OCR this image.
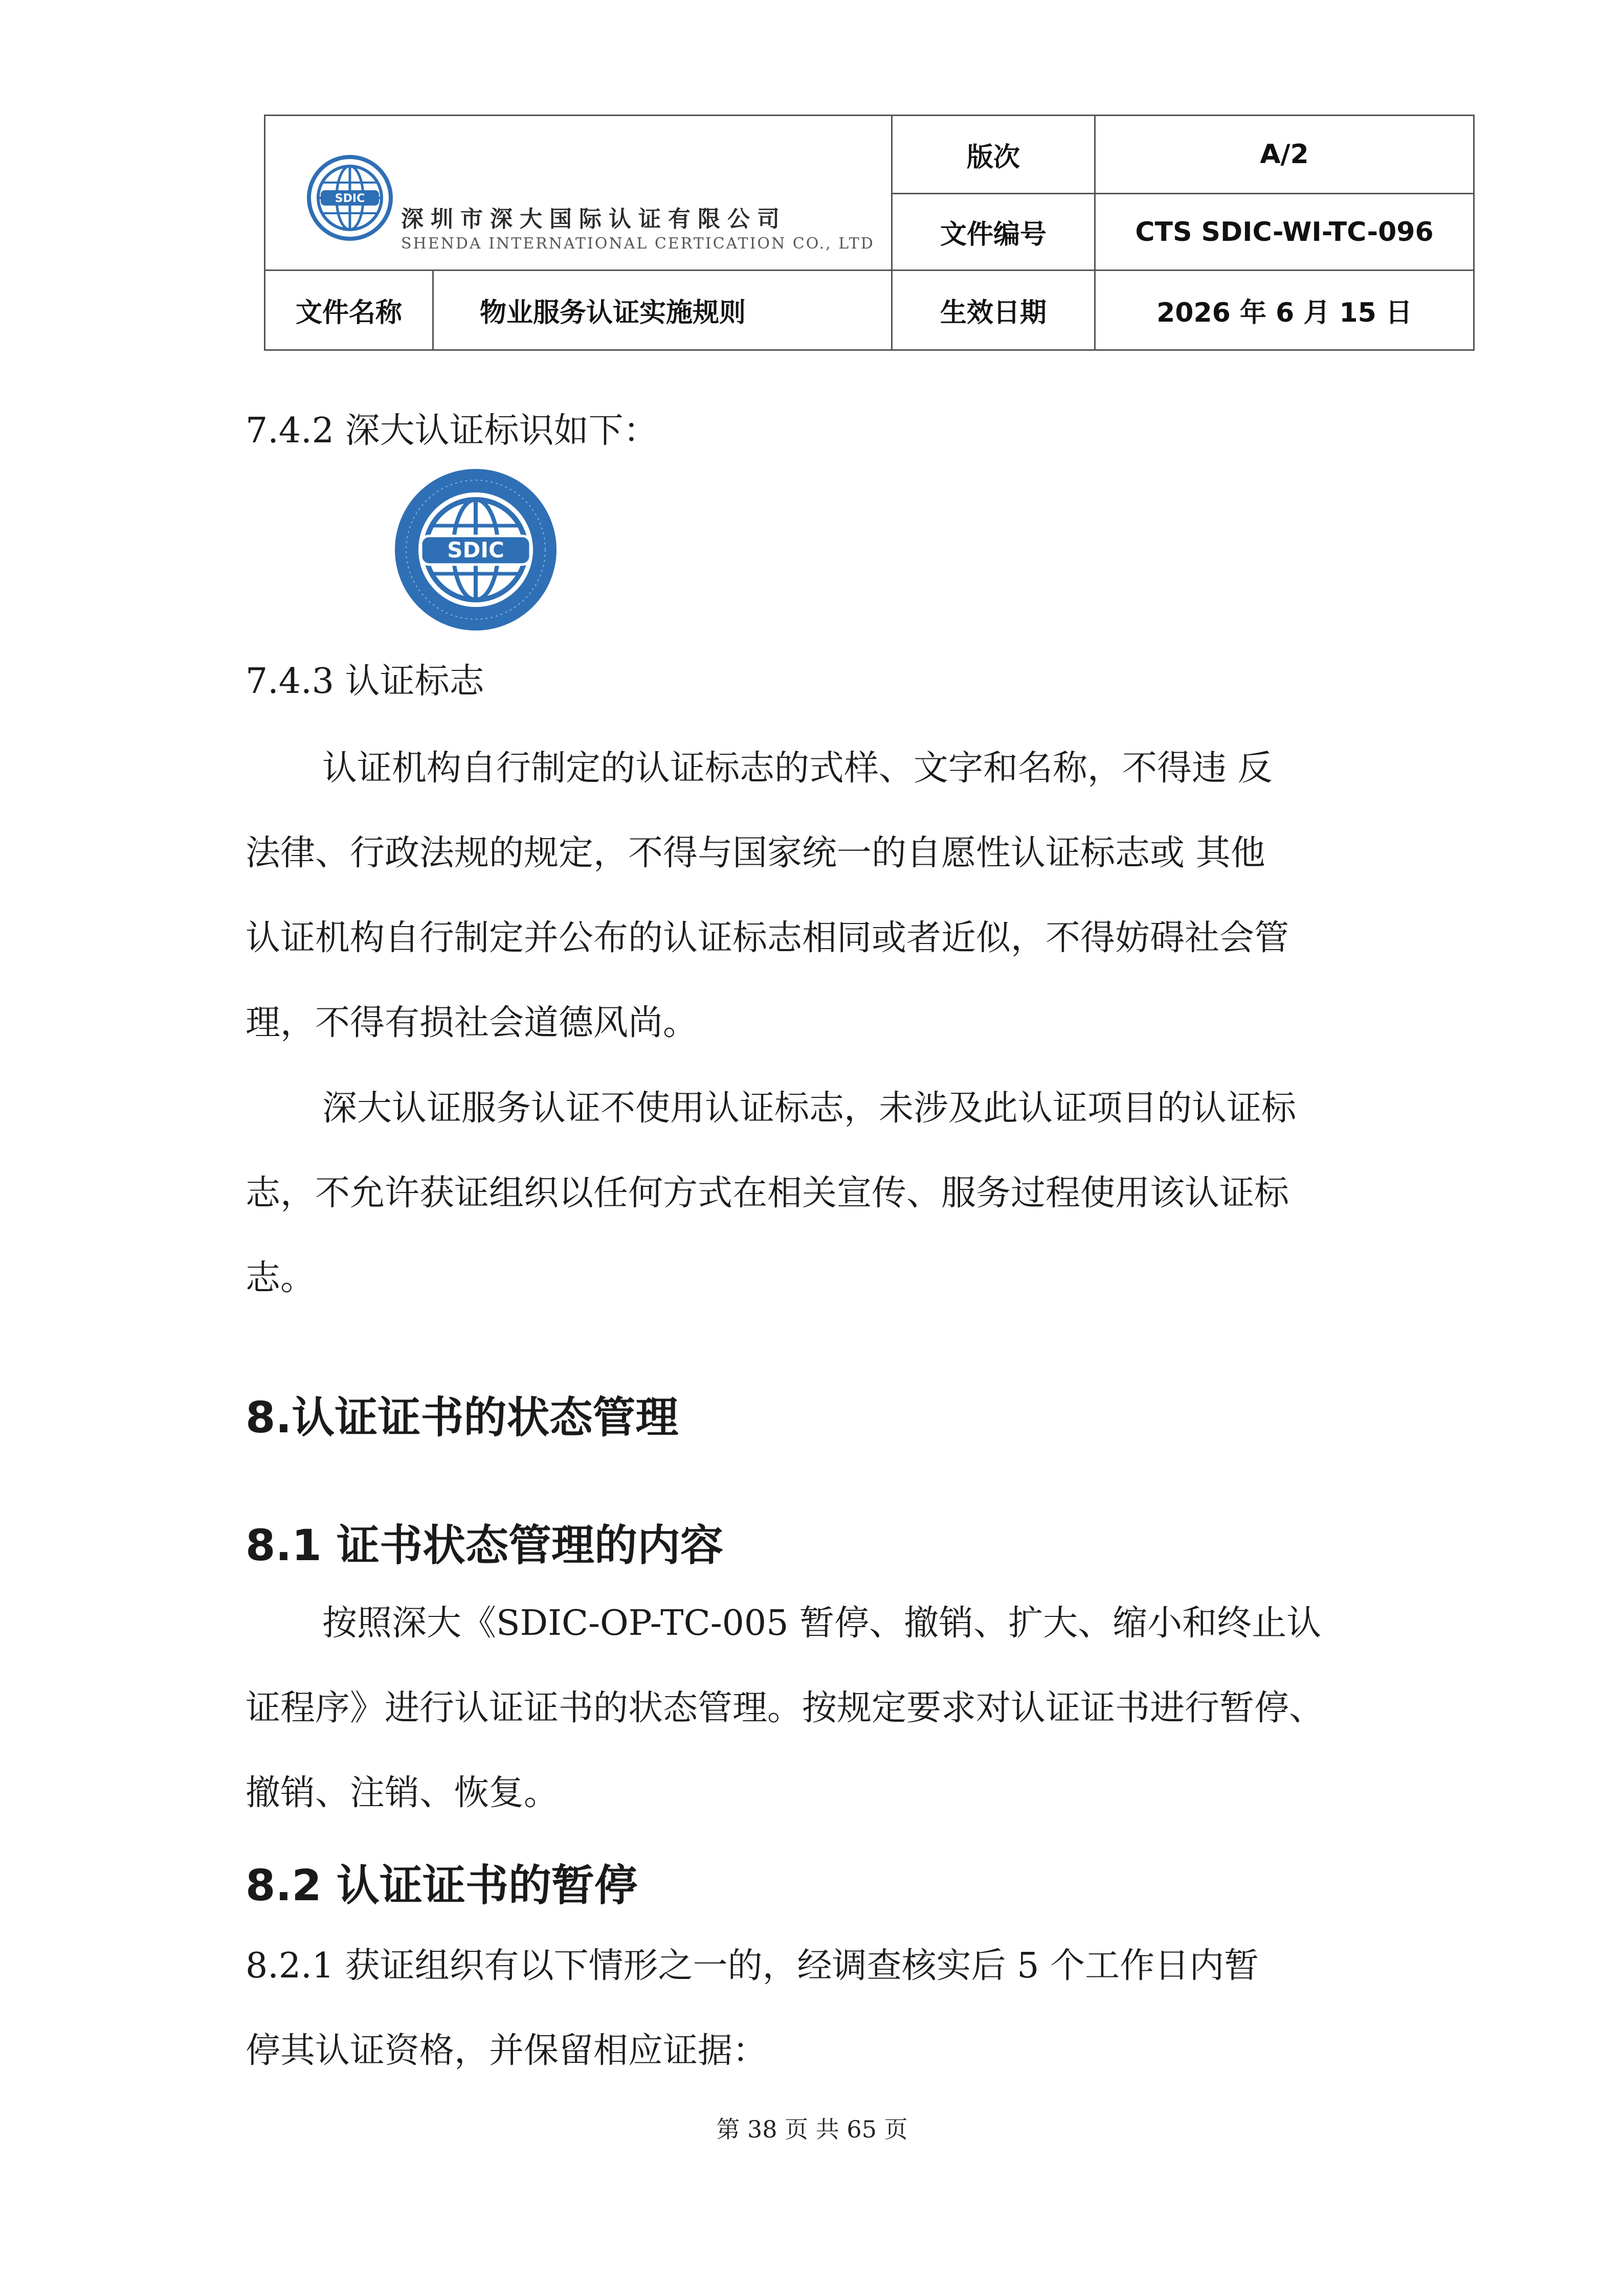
SDIC
深圳市深大国际认证有限公司
SHENDA INTERNATIONAL CERTICATION CO., LTD
版次	A/2
文件编号	CTS SDIC-WI-TC-096
文件名称	物业服务认证实施规则	生效日期	2026 年 6 月 15 日
7.4.2 深大认证标识如下：
SDIC
7.4.3 认证标志
认证机构自行制定的认证标志的式样、文字和名称，不得违 反
法律、行政法规的规定，不得与国家统一的自愿性认证标志或 其他
认证机构自行制定并公布的认证标志相同或者近似，不得妨碍社会管
理，不得有损社会道德风尚。
深大认证服务认证不使用认证标志，未涉及此认证项目的认证标
志，不允许获证组织以任何方式在相关宣传、服务过程使用该认证标
志。
8.认证证书的状态管理
8.1 证书状态管理的内容
按照深大《SDIC-OP-TC-005 暂停、撤销、扩大、缩小和终止认
证程序》进行认证证书的状态管理。按规定要求对认证证书进行暂停、
撤销、注销、恢复。
8.2 认证证书的暂停
8.2.1 获证组织有以下情形之一的，经调查核实后 5 个工作日内暂
停其认证资格，并保留相应证据：
第 38 页 共 65 页
